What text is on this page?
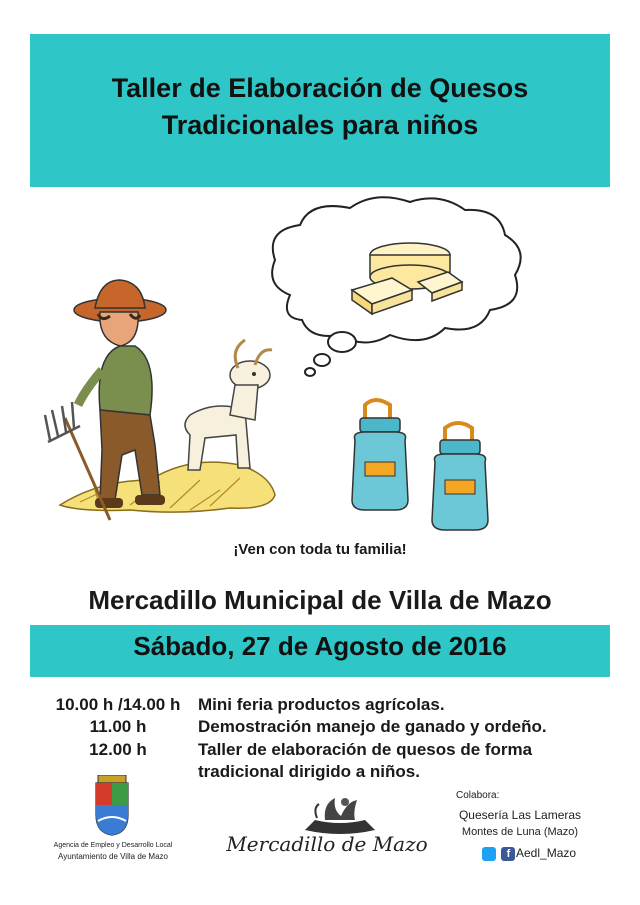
Taller de Elaboración de Quesos
Tradicionales para niños
¡Ven con toda tu familia!
Mercadillo Municipal de Villa de Mazo
Sábado, 27 de Agosto de 2016
10.00 h /14.00 h	Mini feria productos agrícolas.
11.00 h	Demostración manejo de ganado y ordeño.
12.00 h	Taller de elaboración de quesos de forma
tradicional dirigido a niños.
Agencia de Empleo y Desarrollo Local
Ayuntamiento de Villa de Mazo
Mercadillo de Mazo
Colabora:
Quesería Las Lameras
Montes de Luna (Mazo)
f Aedl_Mazo
